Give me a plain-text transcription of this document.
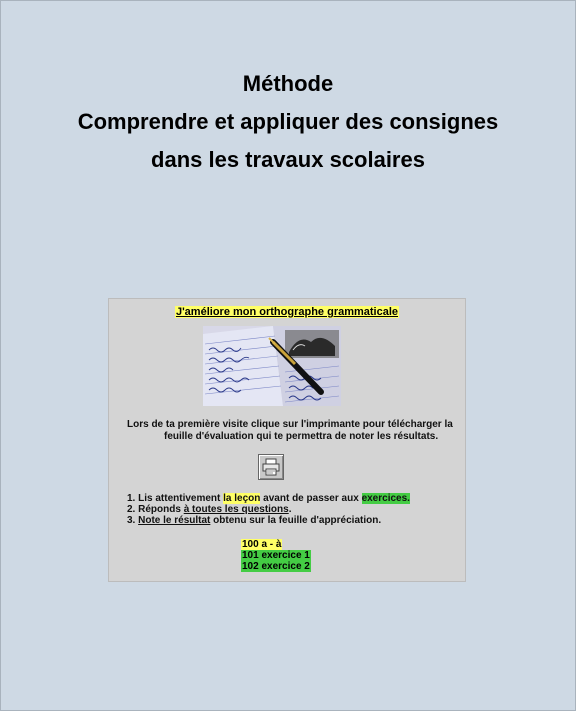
Méthode
Comprendre et appliquer des consignes
dans les travaux scolaires
J'améliore mon orthographe grammaticale
Lors de ta première visite clique sur l'imprimante pour télécharger la
feuille d'évaluation qui te permettra de noter les résultats.
1. Lis attentivement la leçon avant de passer aux exercices.
2. Réponds à toutes les questions.
3. Note le résultat obtenu sur la feuille d'appréciation.
100 a - à
101 exercice 1
102 exercice 2
